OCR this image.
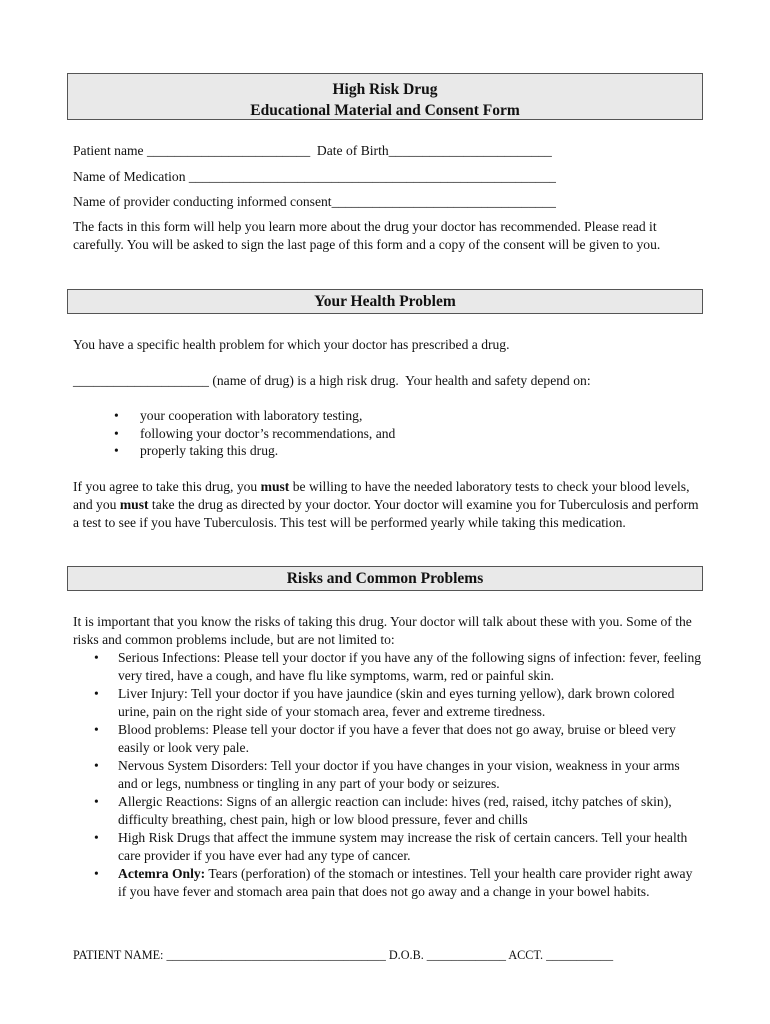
High Risk Drug
Educational Material and Consent Form
Patient name ________________________  Date of Birth________________________
Name of Medication ______________________________________________________
Name of provider conducting informed consent_________________________________
The facts in this form will help you learn more about the drug your doctor has recommended. Please read it carefully. You will be asked to sign the last page of this form and a copy of the consent will be given to you.
Your Health Problem
You have a specific health problem for which your doctor has prescribed a drug.
____________________ (name of drug) is a high risk drug.  Your health and safety depend on:
• your cooperation with laboratory testing,
• following your doctor’s recommendations, and
• properly taking this drug.
If you agree to take this drug, you must be willing to have the needed laboratory tests to check your blood levels, and you must take the drug as directed by your doctor. Your doctor will examine you for Tuberculosis and perform a test to see if you have Tuberculosis. This test will be performed yearly while taking this medication.
Risks and Common Problems
It is important that you know the risks of taking this drug. Your doctor will talk about these with you. Some of the risks and common problems include, but are not limited to:
• Serious Infections: Please tell your doctor if you have any of the following signs of infection: fever, feeling very tired, have a cough, and have flu like symptoms, warm, red or painful skin.
• Liver Injury: Tell your doctor if you have jaundice (skin and eyes turning yellow), dark brown colored urine, pain on the right side of your stomach area, fever and extreme tiredness.
• Blood problems: Please tell your doctor if you have a fever that does not go away, bruise or bleed very easily or look very pale.
• Nervous System Disorders: Tell your doctor if you have changes in your vision, weakness in your arms and or legs, numbness or tingling in any part of your body or seizures.
• Allergic Reactions: Signs of an allergic reaction can include: hives (red, raised, itchy patches of skin), difficulty breathing, chest pain, high or low blood pressure, fever and chills
• High Risk Drugs that affect the immune system may increase the risk of certain cancers. Tell your health care provider if you have ever had any type of cancer.
• Actemra Only: Tears (perforation) of the stomach or intestines. Tell your health care provider right away if you have fever and stomach area pain that does not go away and a change in your bowel habits.
PATIENT NAME: ____________________________________ D.O.B. _____________ ACCT. ___________
